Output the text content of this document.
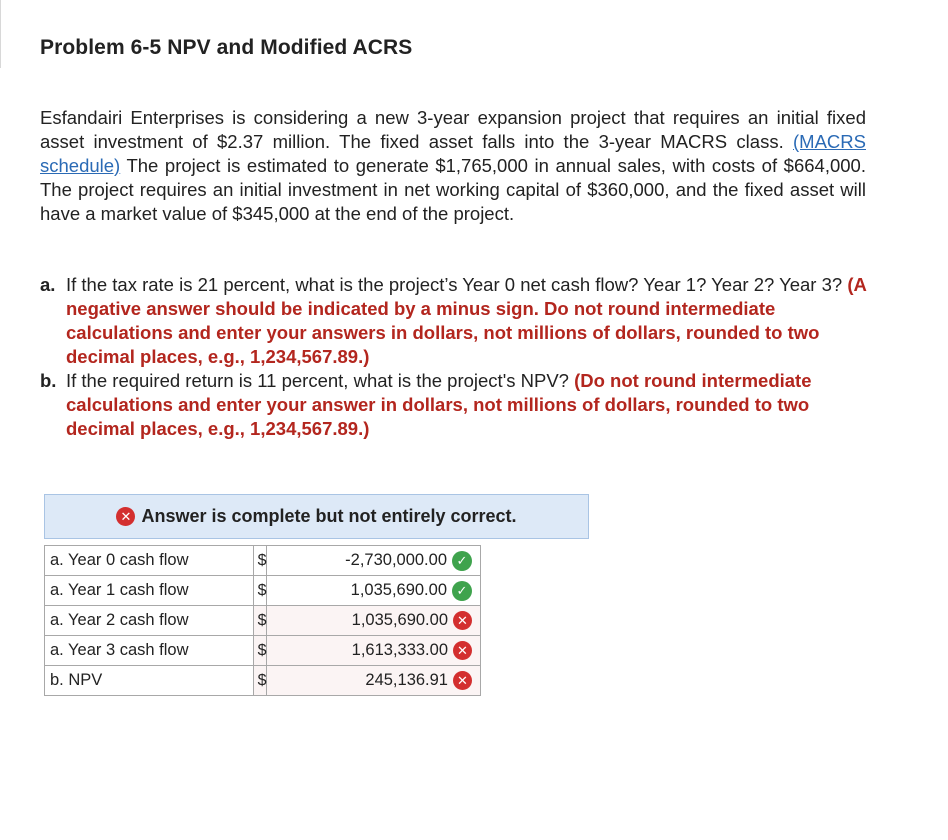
Problem 6-5 NPV and Modified ACRS
Esfandairi Enterprises is considering a new 3-year expansion project that requires an initial fixed asset investment of $2.37 million. The fixed asset falls into the 3-year MACRS class. (MACRS schedule) The project is estimated to generate $1,765,000 in annual sales, with costs of $664,000. The project requires an initial investment in net working capital of $360,000, and the fixed asset will have a market value of $345,000 at the end of the project.
a. If the tax rate is 21 percent, what is the project’s Year 0 net cash flow? Year 1? Year 2? Year 3? (A negative answer should be indicated by a minus sign. Do not round intermediate calculations and enter your answers in dollars, not millions of dollars, rounded to two decimal places, e.g., 1,234,567.89.)
b. If the required return is 11 percent, what is the project's NPV? (Do not round intermediate calculations and enter your answer in dollars, not millions of dollars, rounded to two decimal places, e.g., 1,234,567.89.)
✕ Answer is complete but not entirely correct.
a. Year 0 cash flow	$	-2,730,000.00 ✓
a. Year 1 cash flow	$	1,035,690.00 ✓
a. Year 2 cash flow	$	1,035,690.00 ✕
a. Year 3 cash flow	$	1,613,333.00 ✕
b. NPV	$	245,136.91 ✕
